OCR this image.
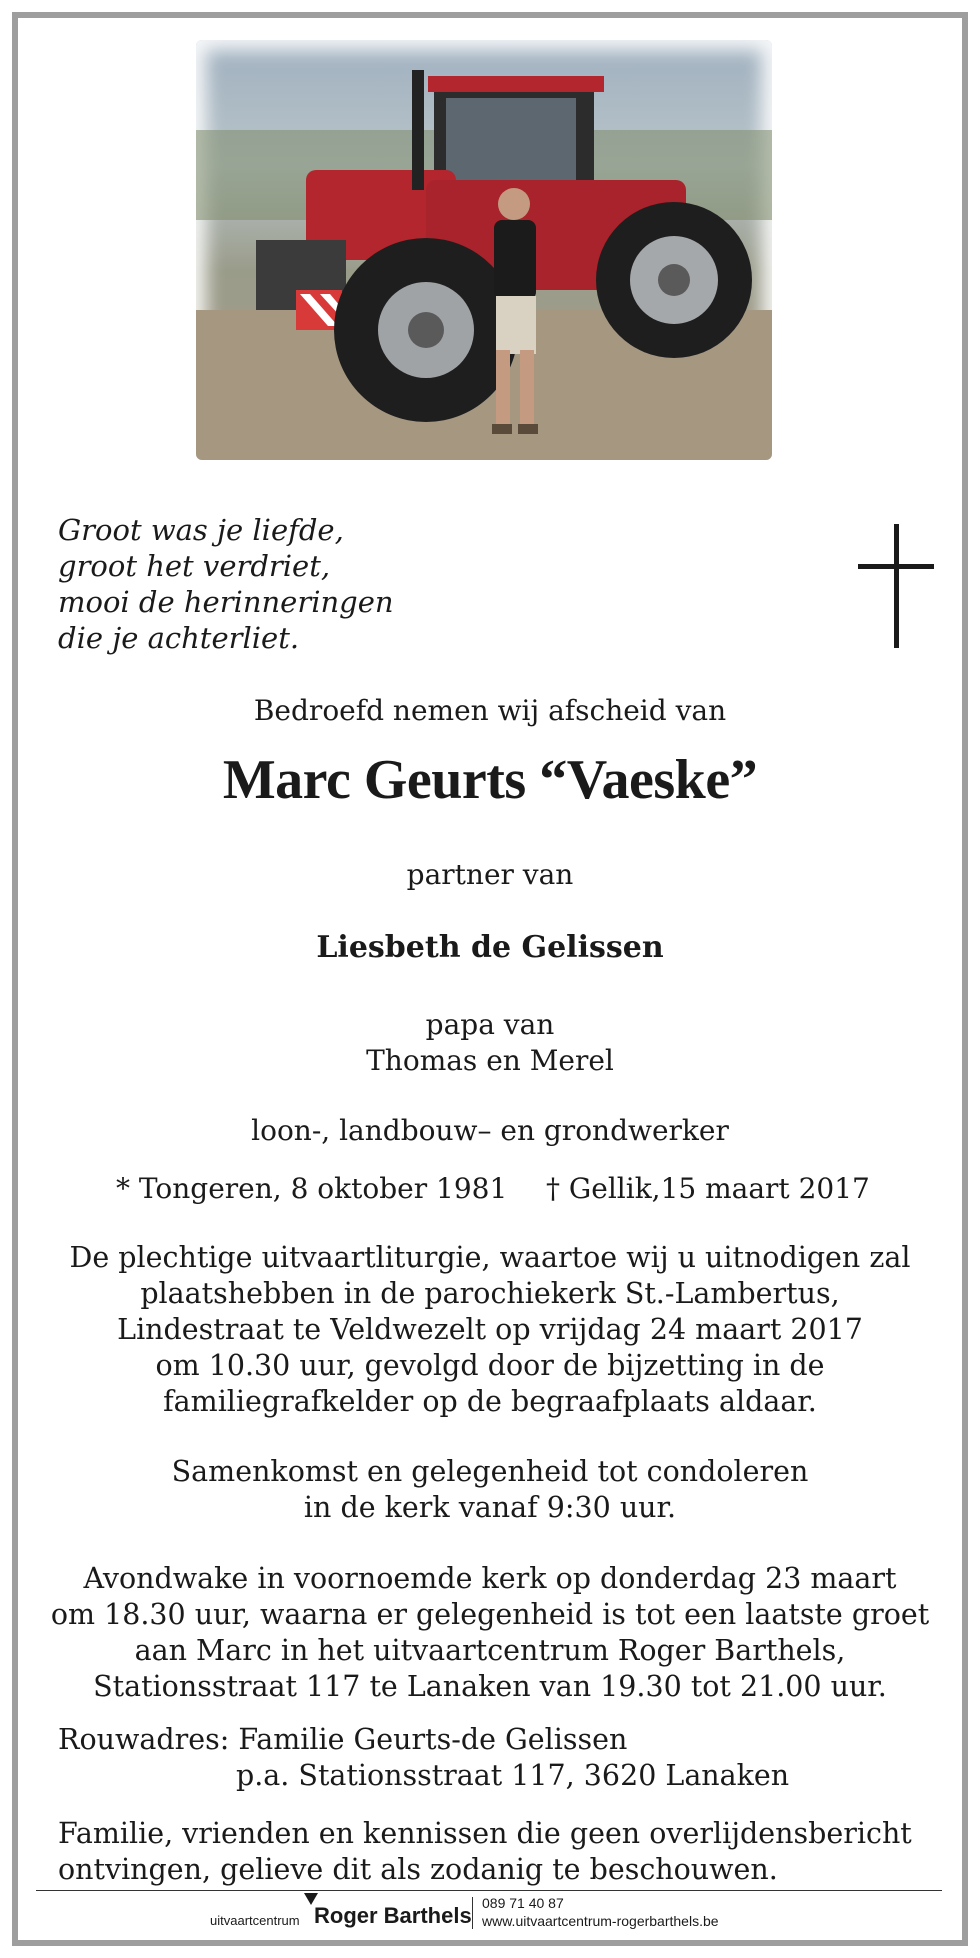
Groot was je liefde,
groot het verdriet,
mooi de herinneringen
die je achterliet.
Bedroefd nemen wij afscheid van
Marc Geurts “Vaeske”
partner van
Liesbeth de Gelissen
papa van
Thomas en Merel
loon-, landbouw– en grondwerker
* Tongeren, 8 oktober 1981 † Gellik,15 maart 2017
De plechtige uitvaartliturgie, waartoe wij u uitnodigen zal
plaatshebben in de parochiekerk St.-Lambertus,
Lindestraat te Veldwezelt op vrijdag 24 maart 2017
om 10.30 uur, gevolgd door de bijzetting in de
familiegrafkelder op de begraafplaats aldaar.
Samenkomst en gelegenheid tot condoleren
in de kerk vanaf 9:30 uur.
Avondwake in voornoemde kerk op donderdag 23 maart
om 18.30 uur, waarna er gelegenheid is tot een laatste groet
aan Marc in het uitvaartcentrum Roger Barthels,
Stationsstraat 117 te Lanaken van 19.30 tot 21.00 uur.
Rouwadres: Familie Geurts-de Gelissen
p.a. Stationsstraat 117, 3620 Lanaken
Familie, vrienden en kennissen die geen overlijdensbericht
ontvingen, gelieve dit als zodanig te beschouwen.
uitvaartcentrum Roger Barthels 089 71 40 87
www.uitvaartcentrum-rogerbarthels.be
